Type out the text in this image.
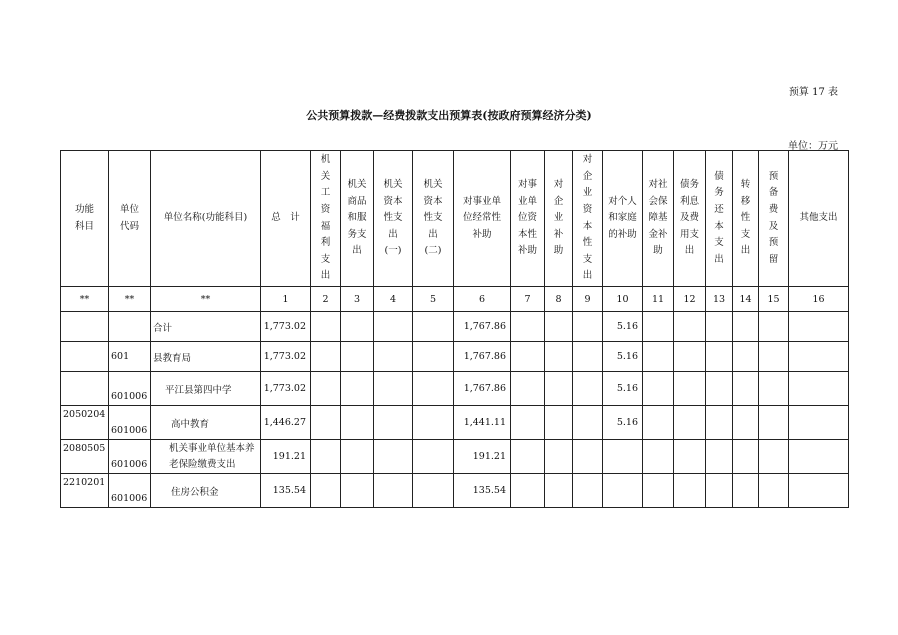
预算 17 表
公共预算拨款—经费拨款支出预算表(按政府预算经济分类)
单位：万元
功能科目	单位代码	单位名称(功能科目)	总　计	机关工资福利支出	机关商品和服务支出	机关资本性支出(一)	机关资本性支出(二)	对事业单位经常性补助	对事业单位资本性补助	对企业补助	对企业资本性支出	对个人和家庭的补助	对社会保障基金补助	债务利息及费用支出	债务还本支出	转移性支出	预备费及预留	其他支出
**	**	**	1	2	3	4	5	6	7	8	9	10	11	12	13	14	15	16
		合计	1,773.02					1,767.86				5.16						
	601	县教育局	1,773.02					1,767.86				5.16						
	601006	平江县第四中学	1,773.02					1,767.86				5.16						
2050204	601006	高中教育	1,446.27					1,441.11				5.16						
2080505	601006	机关事业单位基本养老保险缴费支出	191.21					191.21										
2210201	601006	住房公积金	135.54					135.54										
